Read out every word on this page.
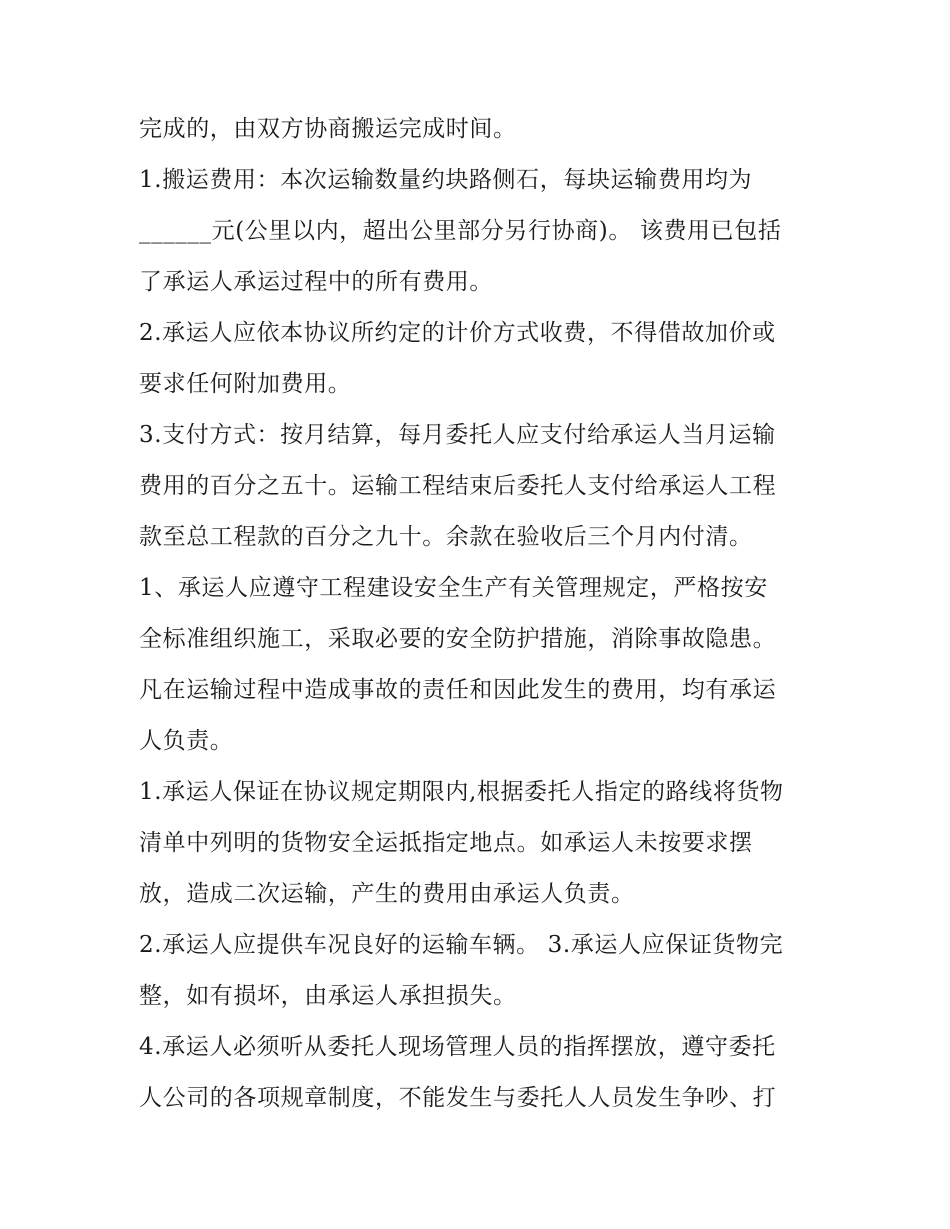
完成的，由双方协商搬运完成时间。
1.搬运费用：本次运输数量约块路侧石，每块运输费用均为
______元(公里以内，超出公里部分另行协商)。 该费用已包括
了承运人承运过程中的所有费用。
2.承运人应依本协议所约定的计价方式收费，不得借故加价或
要求任何附加费用。
3.支付方式：按月结算，每月委托人应支付给承运人当月运输
费用的百分之五十。运输工程结束后委托人支付给承运人工程
款至总工程款的百分之九十。余款在验收后三个月内付清。
1、承运人应遵守工程建设安全生产有关管理规定，严格按安
全标准组织施工，采取必要的安全防护措施，消除事故隐患。
凡在运输过程中造成事故的责任和因此发生的费用，均有承运
人负责。
1.承运人保证在协议规定期限内,根据委托人指定的路线将货物
清单中列明的货物安全运抵指定地点。如承运人未按要求摆
放，造成二次运输，产生的费用由承运人负责。
2.承运人应提供车况良好的运输车辆。 3.承运人应保证货物完
整，如有损坏，由承运人承担损失。
4.承运人必须听从委托人现场管理人员的指挥摆放，遵守委托
人公司的各项规章制度，不能发生与委托人人员发生争吵、打
